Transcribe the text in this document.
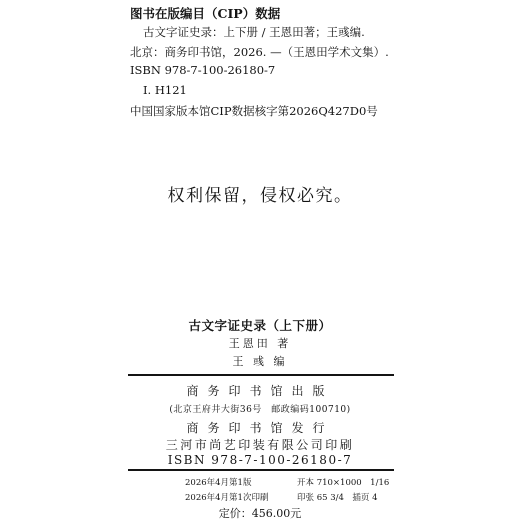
图书在版编目（CIP）数据
古文字证史录：上下册 / 王恩田著；王彧编.
北京：商务印书馆，2026. —（王恩田学术文集）.
ISBN 978-7-100-26180-7
Ⅰ. H121
中国国家版本馆CIP数据核字第2026Q427D0号
权利保留，侵权必究。
古文字证史录（上下册）
王恩田 著
王 彧 编
商务印书馆出版
(北京王府井大街36号　邮政编码100710)
商务印书馆发行
三河市尚艺印装有限公司印刷
ISBN 978-7-100-26180-7
2026年4月第1版
2026年4月第1次印刷
开本 710×1000　1/16
印张 65 3/4　插页 4
定价：456.00元
